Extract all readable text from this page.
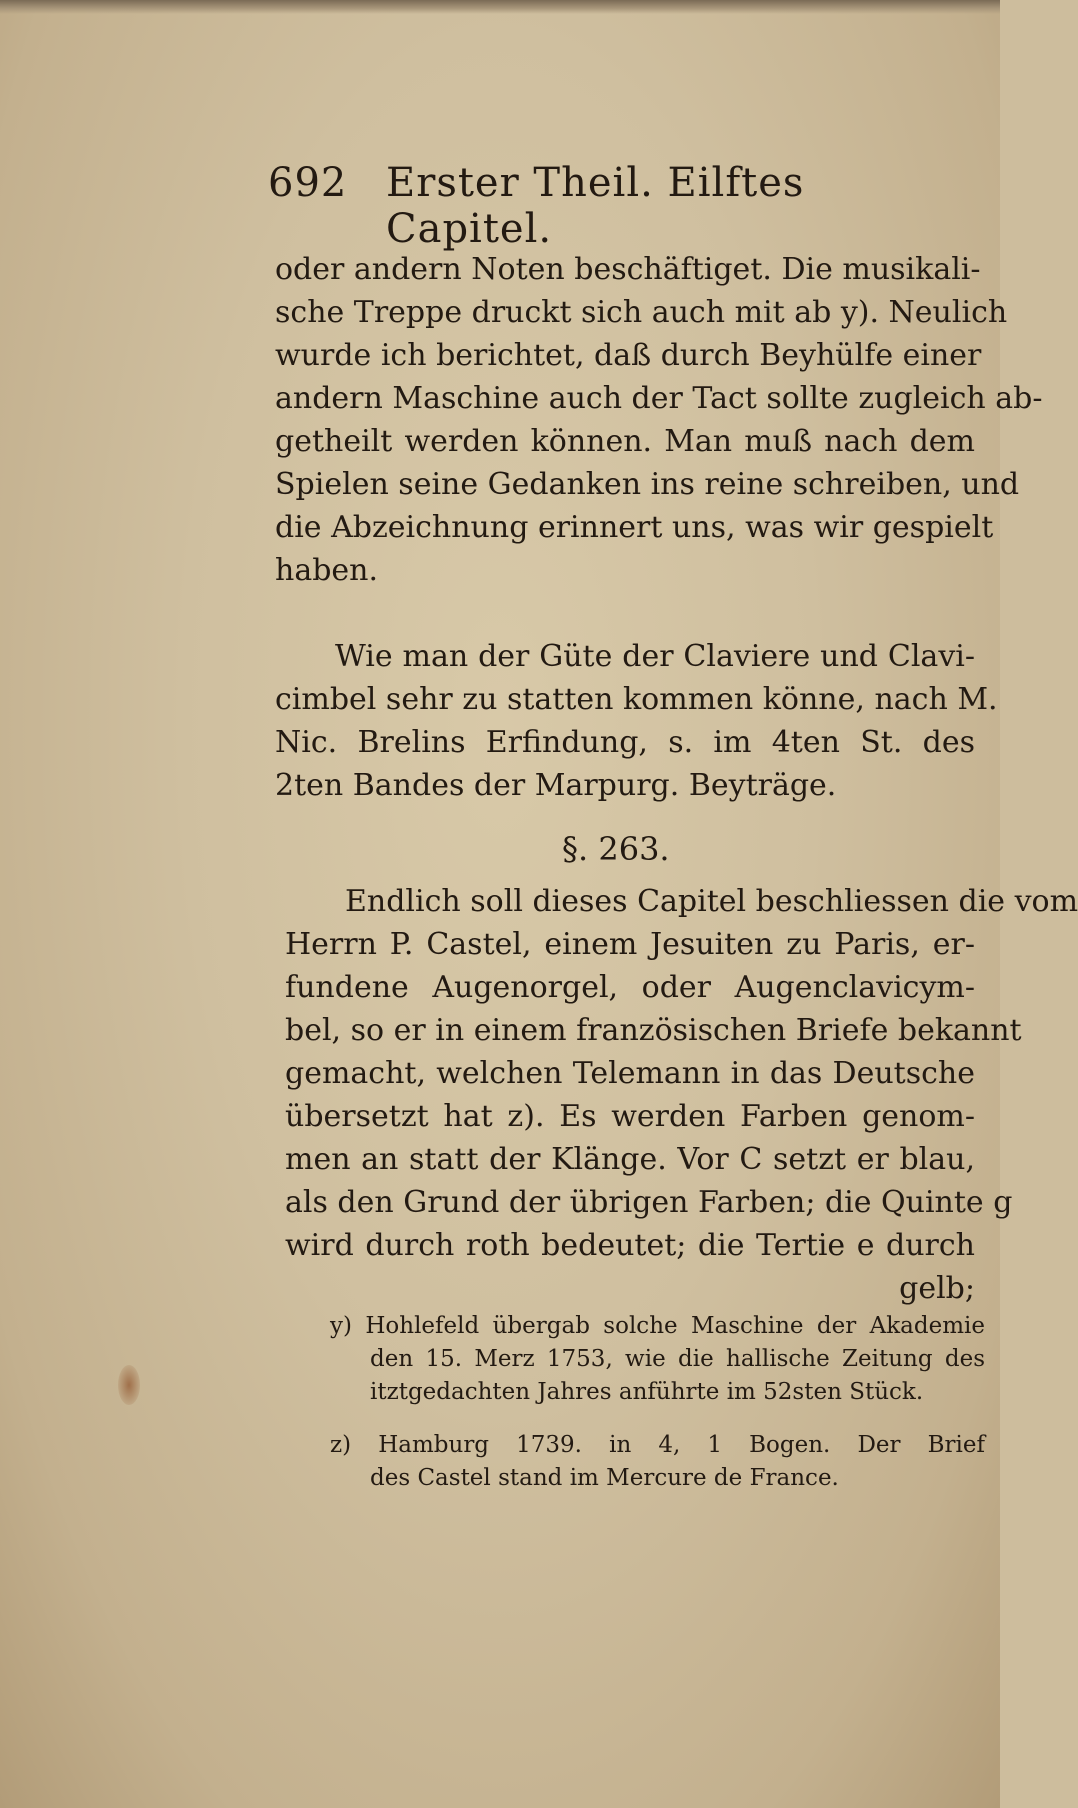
692 Erster Theil. Eilftes Capitel.
oder andern Noten beschäftiget. Die musikali-
sche Treppe druckt sich auch mit ab y). Neulich
wurde ich berichtet, daß durch Beyhülfe einer
andern Maschine auch der Tact sollte zugleich ab-
getheilt werden können. Man muß nach dem
Spielen seine Gedanken ins reine schreiben, und
die Abzeichnung erinnert uns, was wir gespielt
haben.
Wie man der Güte der Claviere und Clavi-
cimbel sehr zu statten kommen könne, nach M.
Nic. Brelins Erfindung, s. im 4ten St. des
2ten Bandes der Marpurg. Beyträge.
§. 263.
Endlich soll dieses Capitel beschliessen die vom
Herrn P. Castel, einem Jesuiten zu Paris, er-
fundene Augenorgel, oder Augenclavicym-
bel, so er in einem französischen Briefe bekannt
gemacht, welchen Telemann in das Deutsche
übersetzt hat z). Es werden Farben genom-
men an statt der Klänge. Vor C setzt er blau,
als den Grund der übrigen Farben; die Quinte g
wird durch roth bedeutet; die Tertie e durch
gelb;
y) Hohlefeld übergab solche Maschine der Akademie
den 15. Merz 1753, wie die hallische Zeitung des
itztgedachten Jahres anführte im 52sten Stück.
z) Hamburg 1739. in 4, 1 Bogen. Der Brief
des Castel stand im Mercure de France.
